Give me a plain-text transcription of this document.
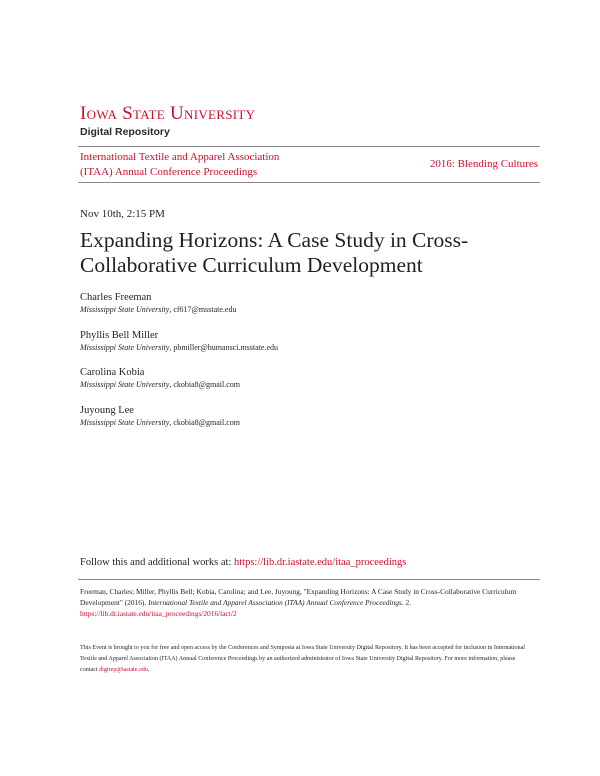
Iowa State University
Digital Repository
International Textile and Apparel Association
(ITAA) Annual Conference Proceedings
2016: Blending Cultures
Nov 10th, 2:15 PM
Expanding Horizons: A Case Study in Cross-
Collaborative Curriculum Development
Charles Freeman
Mississippi State University, cf617@msstate.edu
Phyllis Bell Miller
Mississippi State University, pbmiller@humansci.msstate.edu
Carolina Kobia
Mississippi State University, ckobia8@gmail.com
Juyoung Lee
Mississippi State University, ckobia8@gmail.com
Follow this and additional works at: https://lib.dr.iastate.edu/itaa_proceedings
Freeman, Charles; Miller, Phyllis Bell; Kobia, Carolina; and Lee, Juyoung, "Expanding Horizons: A Case Study in Cross-Collaborative Curriculum Development" (2016). International Textile and Apparel Association (ITAA) Annual Conference Proceedings. 2.
https://lib.dr.iastate.edu/itaa_proceedings/2016/lact/2
This Event is brought to you for free and open access by the Conferences and Symposia at Iowa State University Digital Repository. It has been accepted for inclusion in International Textile and Apparel Association (ITAA) Annual Conference Proceedings by an authorized administrator of Iowa State University Digital Repository. For more information, please contact digirep@iastate.edu.
